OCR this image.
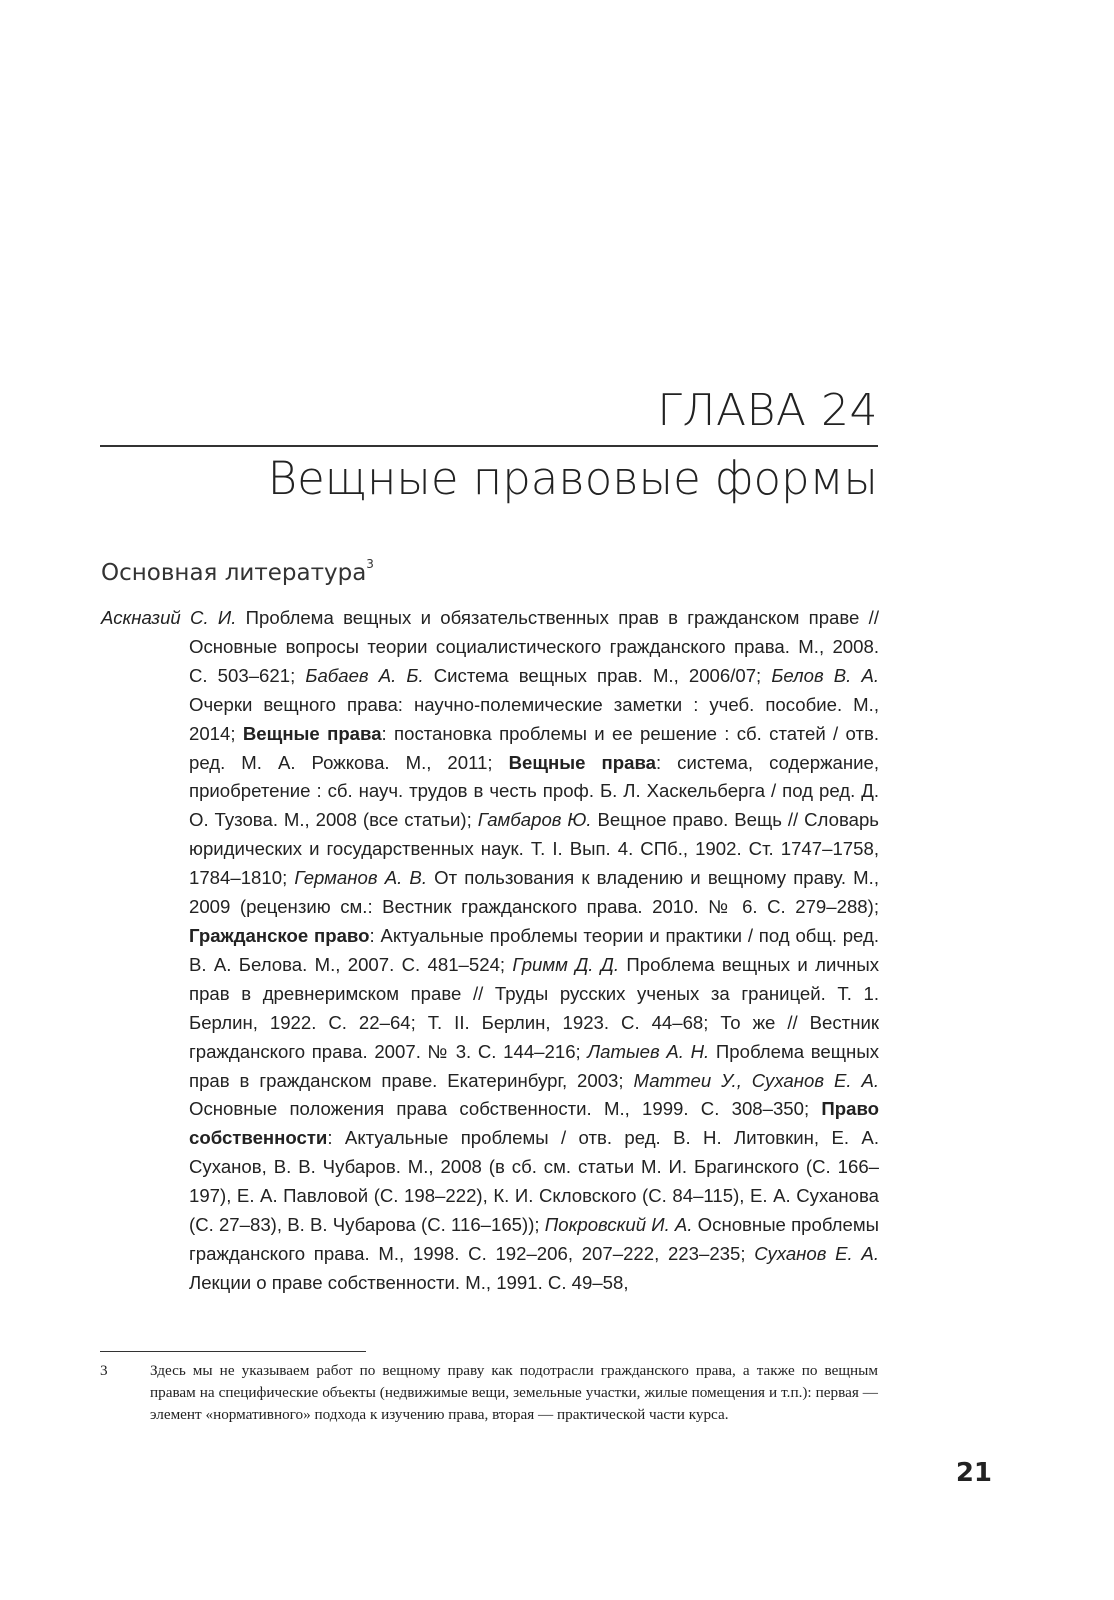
ГЛАВА 24
Вещные правовые формы
Основная литература$^3$
Аскназий С. И. Проблема вещных и обязательственных прав в гражданском праве // Основные вопросы теории социалистического гражданского права. М., 2008. С. 503–621; Бабаев А. Б. Система вещных прав. М., 2006/07; Белов В. А. Очерки вещного права: научно-полемические заметки : учеб. пособие. М., 2014; Вещные права: постановка проблемы и ее решение : сб. статей / отв. ред. М. А. Рожкова. М., 2011; Вещные права: система, содержание, приобретение : сб. науч. трудов в честь проф. Б. Л. Хаскельберга / под ред. Д. О. Тузова. М., 2008 (все статьи); Гамбаров Ю. Вещное право. Вещь // Словарь юридических и государственных наук. Т. I. Вып. 4. СПб., 1902. Ст. 1747–1758, 1784–1810; Германов А. В. От пользования к владению и вещному праву. М., 2009 (рецензию см.: Вестник гражданского права. 2010. № 6. С. 279–288); Гражданское право: Актуальные проблемы теории и практики / под общ. ред. В. А. Белова. М., 2007. С. 481–524; Гримм Д. Д. Проблема вещных и личных прав в древнеримском праве // Труды русских ученых за границей. Т. 1. Берлин, 1922. С. 22–64; Т. II. Берлин, 1923. С. 44–68; То же // Вестник гражданского права. 2007. № 3. С. 144–216; Латыев А. Н. Проблема вещных прав в гражданском праве. Екатеринбург, 2003; Маттеи У., Суханов Е. А. Основные положения права собственности. М., 1999. С. 308–350; Право собственности: Актуальные проблемы / отв. ред. В. Н. Литовкин, Е. А. Суханов, В. В. Чубаров. М., 2008 (в сб. см. статьи М. И. Брагинского (С. 166–197), Е. А. Павловой (С. 198–222), К. И. Скловского (С. 84–115), Е. А. Суханова (С. 27–83), В. В. Чубарова (С. 116–165)); Покровский И. А. Основные проблемы гражданского права. М., 1998. С. 192–206, 207–222, 223–235; Суханов Е. А. Лекции о праве собственности. М., 1991. С. 49–58,
3	Здесь мы не указываем работ по вещному праву как подотрасли гражданского права, а также по вещным правам на специфические объекты (недвижимые вещи, земельные участки, жилые помещения и т.п.): первая — элемент «нормативного» подхода к изучению права, вторая — практической части курса.
21
